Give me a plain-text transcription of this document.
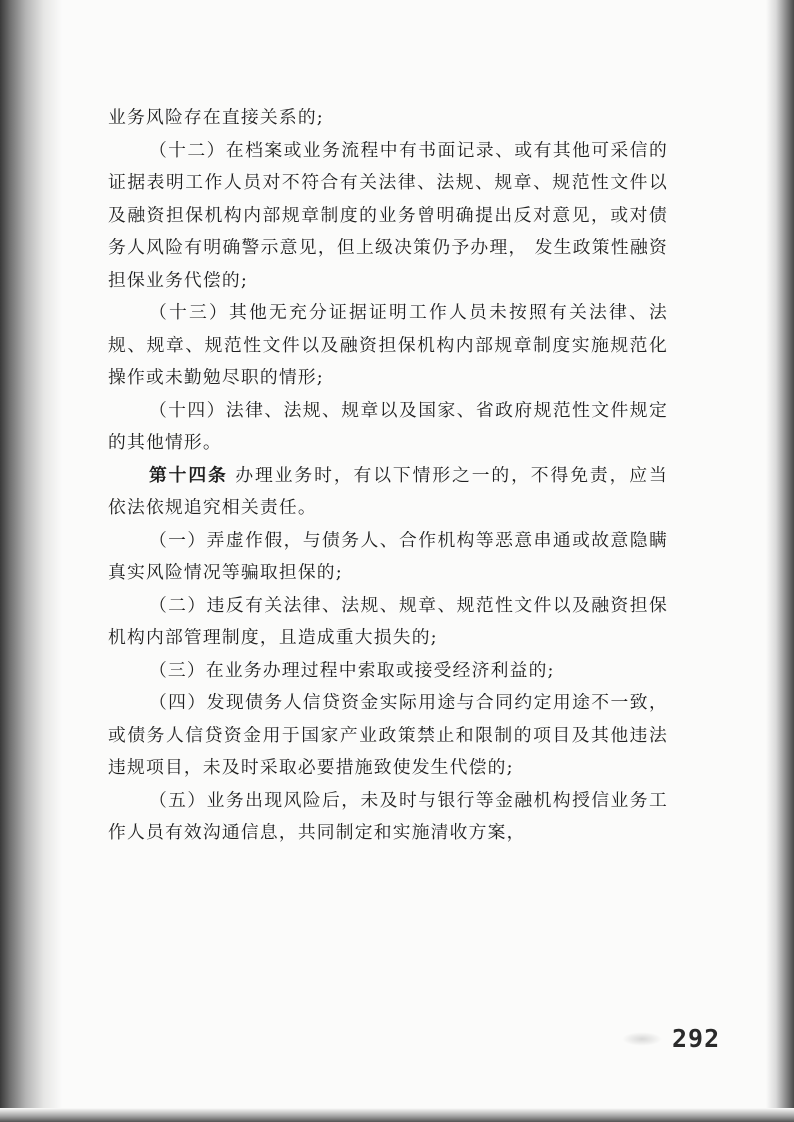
业务风险存在直接关系的;

（十二）在档案或业务流程中有书面记录、或有其他可采信的证据表明工作人员对不符合有关法律、法规、规章、规范性文件以及融资担保机构内部规章制度的业务曾明确提出反对意见，或对债务人风险有明确警示意见，但上级决策仍予办理， 发生政策性融资担保业务代偿的;

（十三）其他无充分证据证明工作人员未按照有关法律、法规、规章、规范性文件以及融资担保机构内部规章制度实施规范化操作或未勤勉尽职的情形;

（十四）法律、法规、规章以及国家、省政府规范性文件规定的其他情形。

第十四条 办理业务时，有以下情形之一的，不得免责，应当依法依规追究相关责任。

（一）弄虚作假，与债务人、合作机构等恶意串通或故意隐瞒真实风险情况等骗取担保的;

（二）违反有关法律、法规、规章、规范性文件以及融资担保机构内部管理制度，且造成重大损失的;

（三）在业务办理过程中索取或接受经济利益的;

（四）发现债务人信贷资金实际用途与合同约定用途不一致，或债务人信贷资金用于国家产业政策禁止和限制的项目及其他违法违规项目，未及时采取必要措施致使发生代偿的;

（五）业务出现风险后，未及时与银行等金融机构授信业务工作人员有效沟通信息，共同制定和实施清收方案，

292
